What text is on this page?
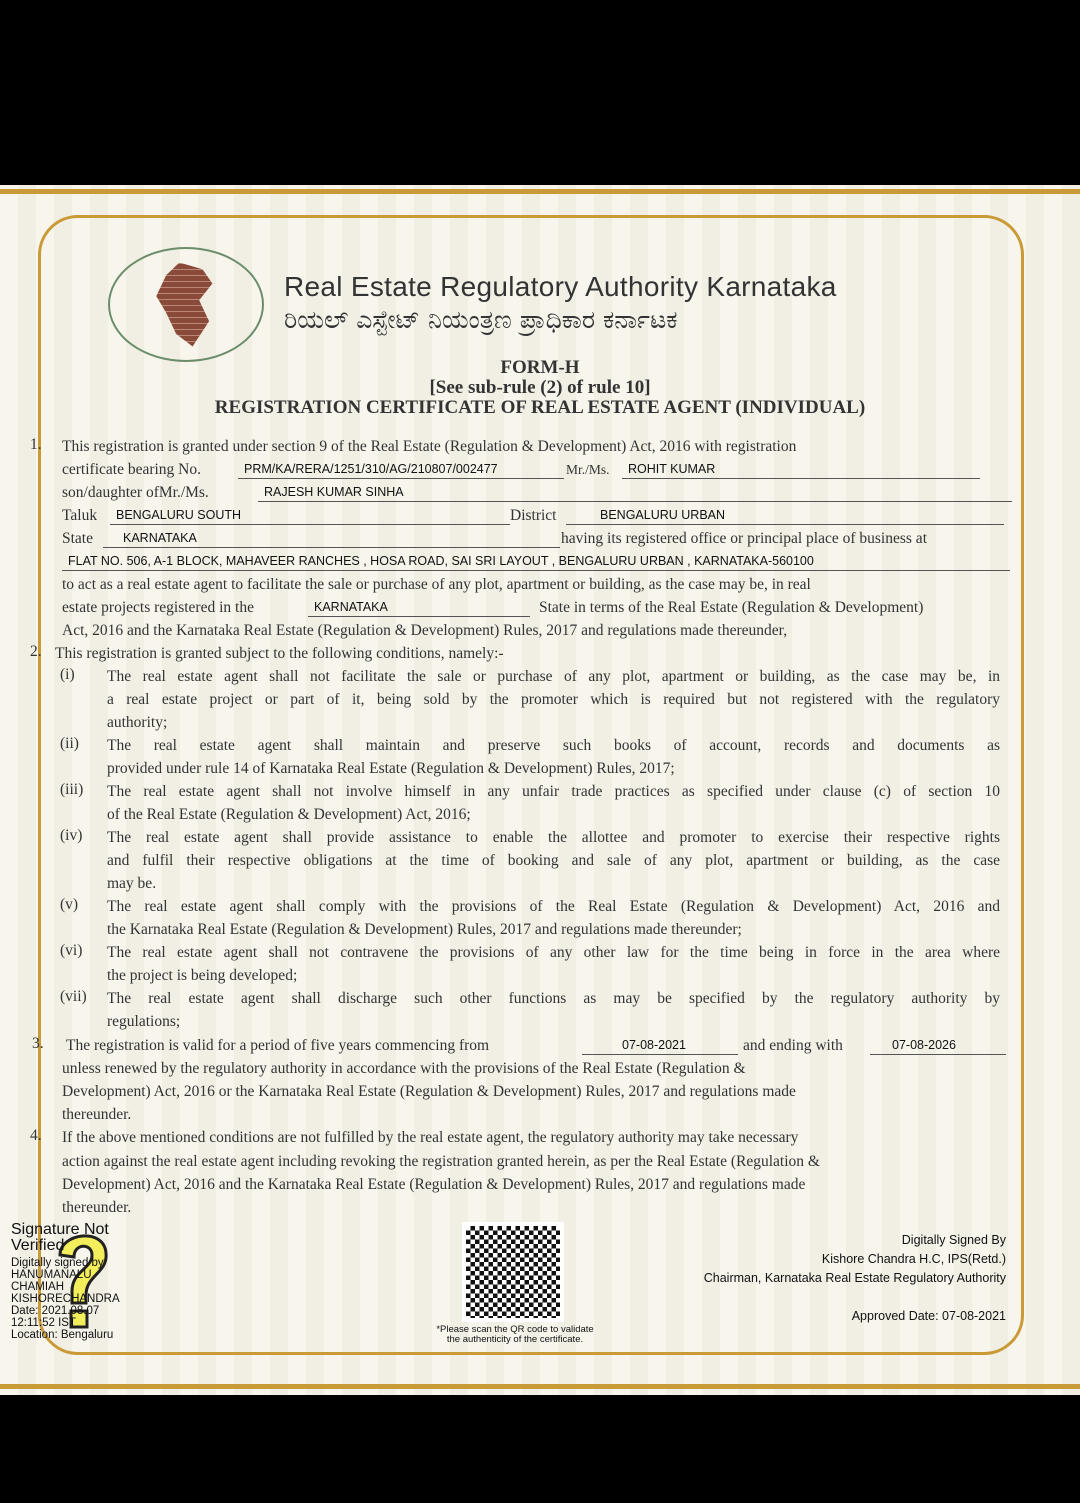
Real Estate Regulatory Authority Karnataka
ರಿಯಲ್ ಎಸ್ಟೇಟ್ ನಿಯಂತ್ರಣ ಪ್ರಾಧಿಕಾರ ಕರ್ನಾಟಕ
FORM-H
[See sub-rule (2) of rule 10]
REGISTRATION CERTIFICATE OF REAL ESTATE AGENT (INDIVIDUAL)
1. This registration is granted under section 9 of the Real Estate (Regulation & Development) Act, 2016 with registration
certificate bearing No.	PRM/KA/RERA/1251/310/AG/210807/002477	Mr./Ms.	ROHIT KUMAR
son/daughter ofMr./Ms.	RAJESH KUMAR SINHA
Taluk	BENGALURU SOUTH	District	BENGALURU URBAN
State	KARNATAKA	having its registered office or principal place of business at
FLAT NO. 506, A-1 BLOCK, MAHAVEER RANCHES , HOSA ROAD, SAI SRI LAYOUT , BENGALURU URBAN , KARNATAKA-560100
to act as a real estate agent to facilitate the sale or purchase of any plot, apartment or building, as the case may be, in real
estate projects registered in the	KARNATAKA	State in terms of the Real Estate (Regulation & Development)
Act, 2016 and the Karnataka Real Estate (Regulation & Development) Rules, 2017 and regulations made thereunder,
2. This registration is granted subject to the following conditions, namely:-
(i) The real estate agent shall not facilitate the sale or purchase of any plot, apartment or building, as the case may be, in
a real estate project or part of it, being sold by the promoter which is required but not registered with the regulatory
authority;
(ii) The real estate agent shall maintain and preserve such books of account, records and documents as
provided under rule 14 of Karnataka Real Estate (Regulation & Development) Rules, 2017;
(iii) The real estate agent shall not involve himself in any unfair trade practices as specified under clause (c) of section 10
of the Real Estate (Regulation & Development) Act, 2016;
(iv) The real estate agent shall provide assistance to enable the allottee and promoter to exercise their respective rights
and fulfil their respective obligations at the time of booking and sale of any plot, apartment or building, as the case
may be.
(v) The real estate agent shall comply with the provisions of the Real Estate (Regulation & Development) Act, 2016 and
the Karnataka Real Estate (Regulation & Development) Rules, 2017 and regulations made thereunder;
(vi) The real estate agent shall not contravene the provisions of any other law for the time being in force in the area where
the project is being developed;
(vii) The real estate agent shall discharge such other functions as may be specified by the regulatory authority by
regulations;
3. The registration is valid for a period of five years commencing from	07-08-2021	and ending with	07-08-2026
unless renewed by the regulatory authority in accordance with the provisions of the Real Estate (Regulation &
Development) Act, 2016 or the Karnataka Real Estate (Regulation & Development) Rules, 2017 and regulations made
thereunder.
4. If the above mentioned conditions are not fulfilled by the real estate agent, the regulatory authority may take necessary
action against the real estate agent including revoking the registration granted herein, as per the Real Estate (Regulation &
Development) Act, 2016 and the Karnataka Real Estate (Regulation & Development) Rules, 2017 and regulations made
thereunder.
Signature Not
Verified
Digitally signed by
HANUMANALU
CHAMIAH
KISHORECHANDRA
Date: 2021.08.07
12:11:52 IST
Location: Bengaluru	*Please scan the QR code to validate
the authenticity of the certificate.
Digitally Signed By
Kishore Chandra H.C, IPS(Retd.)
Chairman, Karnataka Real Estate Regulatory Authority
Approved Date: 07-08-2021
